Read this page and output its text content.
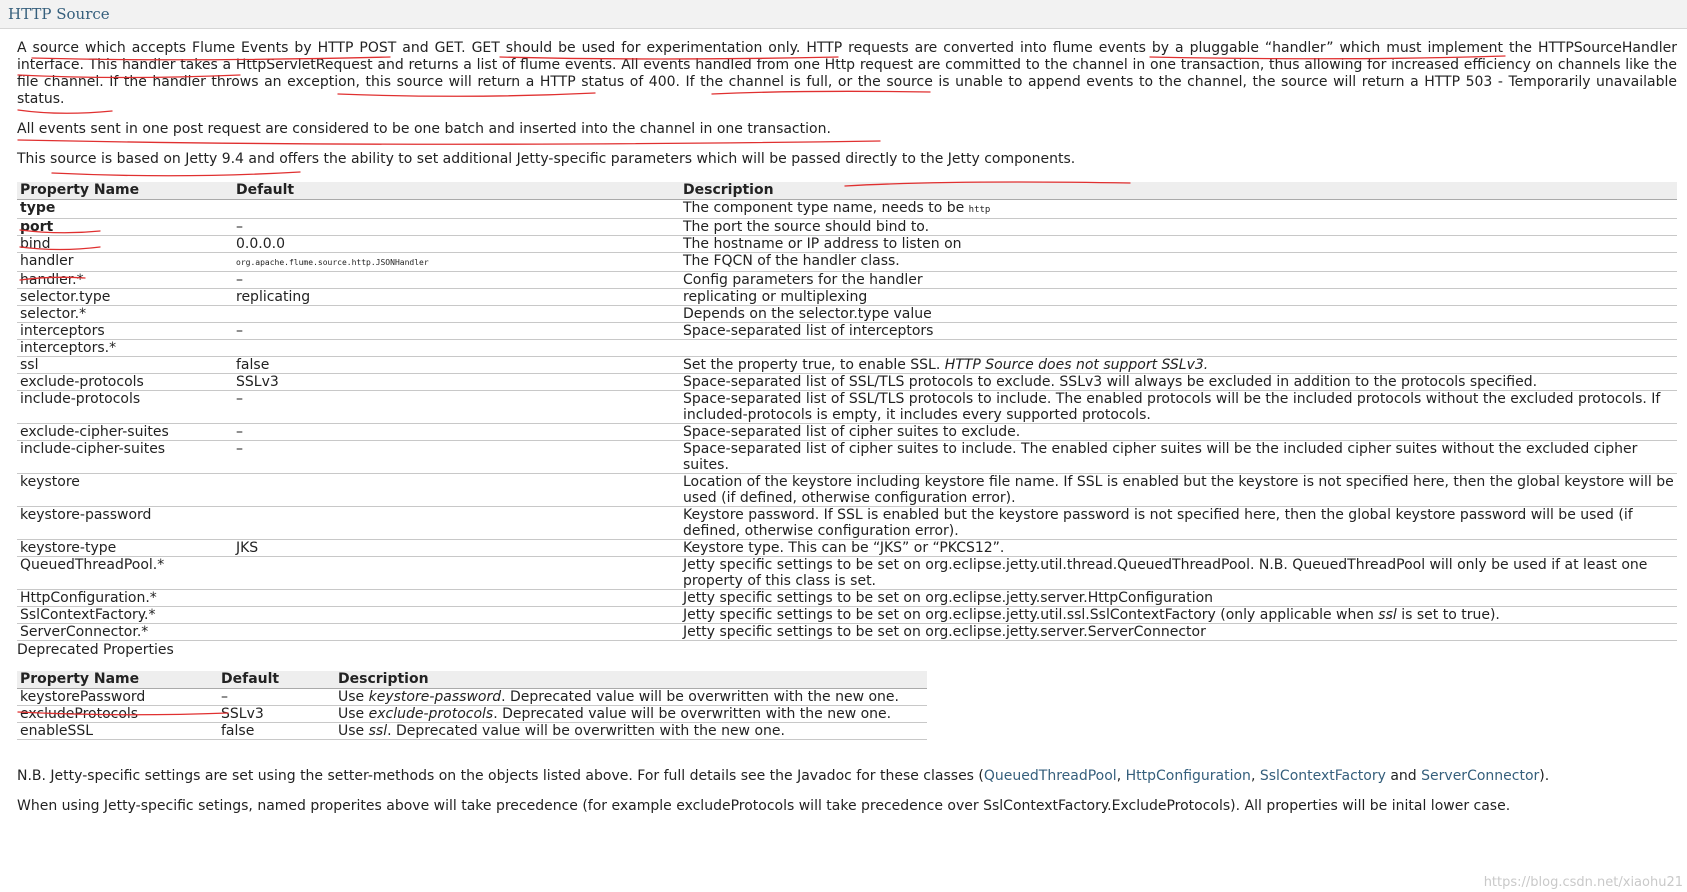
HTTP Source

A source which accepts Flume Events by HTTP POST and GET. GET should be used for experimentation only. HTTP requests are converted into flume events by a pluggable “handler” which must implement the HTTPSourceHandler interface. This handler takes a HttpServletRequest and returns a list of flume events. All events handled from one Http request are committed to the channel in one transaction, thus allowing for increased efficiency on channels like the file channel. If the handler throws an exception, this source will return a HTTP status of 400. If the channel is full, or the source is unable to append events to the channel, the source will return a HTTP 503 - Temporarily unavailable status.

All events sent in one post request are considered to be one batch and inserted into the channel in one transaction.

This source is based on Jetty 9.4 and offers the ability to set additional Jetty-specific parameters which will be passed directly to the Jetty components.

Property Name	Default	Description
type		The component type name, needs to be http
port	–	The port the source should bind to.
bind	0.0.0.0	The hostname or IP address to listen on
handler	org.apache.flume.source.http.JSONHandler	The FQCN of the handler class.
handler.*	–	Config parameters for the handler
selector.type	replicating	replicating or multiplexing
selector.*		Depends on the selector.type value
interceptors	–	Space-separated list of interceptors
interceptors.*		
ssl	false	Set the property true, to enable SSL. HTTP Source does not support SSLv3.
exclude-protocols	SSLv3	Space-separated list of SSL/TLS protocols to exclude. SSLv3 will always be excluded in addition to the protocols specified.
include-protocols	–	Space-separated list of SSL/TLS protocols to include. The enabled protocols will be the included protocols without the excluded protocols. If included-protocols is empty, it includes every supported protocols.
exclude-cipher-suites	–	Space-separated list of cipher suites to exclude.
include-cipher-suites	–	Space-separated list of cipher suites to include. The enabled cipher suites will be the included cipher suites without the excluded cipher suites.
keystore		Location of the keystore including keystore file name. If SSL is enabled but the keystore is not specified here, then the global keystore will be used (if defined, otherwise configuration error).
keystore-password		Keystore password. If SSL is enabled but the keystore password is not specified here, then the global keystore password will be used (if defined, otherwise configuration error).
keystore-type	JKS	Keystore type. This can be “JKS” or “PKCS12”.
QueuedThreadPool.*		Jetty specific settings to be set on org.eclipse.jetty.util.thread.QueuedThreadPool. N.B. QueuedThreadPool will only be used if at least one property of this class is set.
HttpConfiguration.*		Jetty specific settings to be set on org.eclipse.jetty.server.HttpConfiguration
SslContextFactory.*		Jetty specific settings to be set on org.eclipse.jetty.util.ssl.SslContextFactory (only applicable when ssl is set to true).
ServerConnector.*		Jetty specific settings to be set on org.eclipse.jetty.server.ServerConnector
Deprecated Properties
Property Name	Default	Description
keystorePassword	–	Use keystore-password. Deprecated value will be overwritten with the new one.
excludeProtocols	SSLv3	Use exclude-protocols. Deprecated value will be overwritten with the new one.
enableSSL	false	Use ssl. Deprecated value will be overwritten with the new one.

N.B. Jetty-specific settings are set using the setter-methods on the objects listed above. For full details see the Javadoc for these classes (QueuedThreadPool, HttpConfiguration, SslContextFactory and ServerConnector).

When using Jetty-specific setings, named properites above will take precedence (for example excludeProtocols will take precedence over SslContextFactory.ExcludeProtocols). All properties will be inital lower case.

https://blog.csdn.net/xiaohu21
